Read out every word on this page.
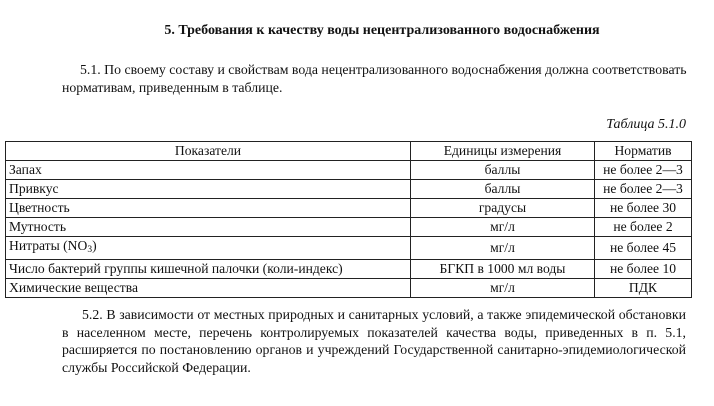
5. Требования к качеству воды нецентрализованного водоснабжения
5.1. По своему составу и свойствам вода нецентрализованного водоснабжения должна соответствовать нормативам, приведенным в таблице.
Таблица 5.1.0
Показатели	Единицы измерения	Норматив
Запах	баллы	не более 2—3
Привкус	баллы	не более 2—3
Цветность	градусы	не более 30
Мутность	мг/л	не более 2
Нитраты $(NO_3)$	мг/л	не более 45
Число бактерий группы кишечной палочки (коли-индекс)	БГКП в 1000 мл воды	не более 10
Химические вещества	мг/л	ПДК
5.2. В зависимости от местных природных и санитарных условий, а также эпидемической обстановки в населенном месте, перечень контролируемых показателей качества воды, приведенных в п. 5.1, расширяется по постановлению органов и учреждений Государственной санитарно-эпидемиологической службы Российской Федерации.
